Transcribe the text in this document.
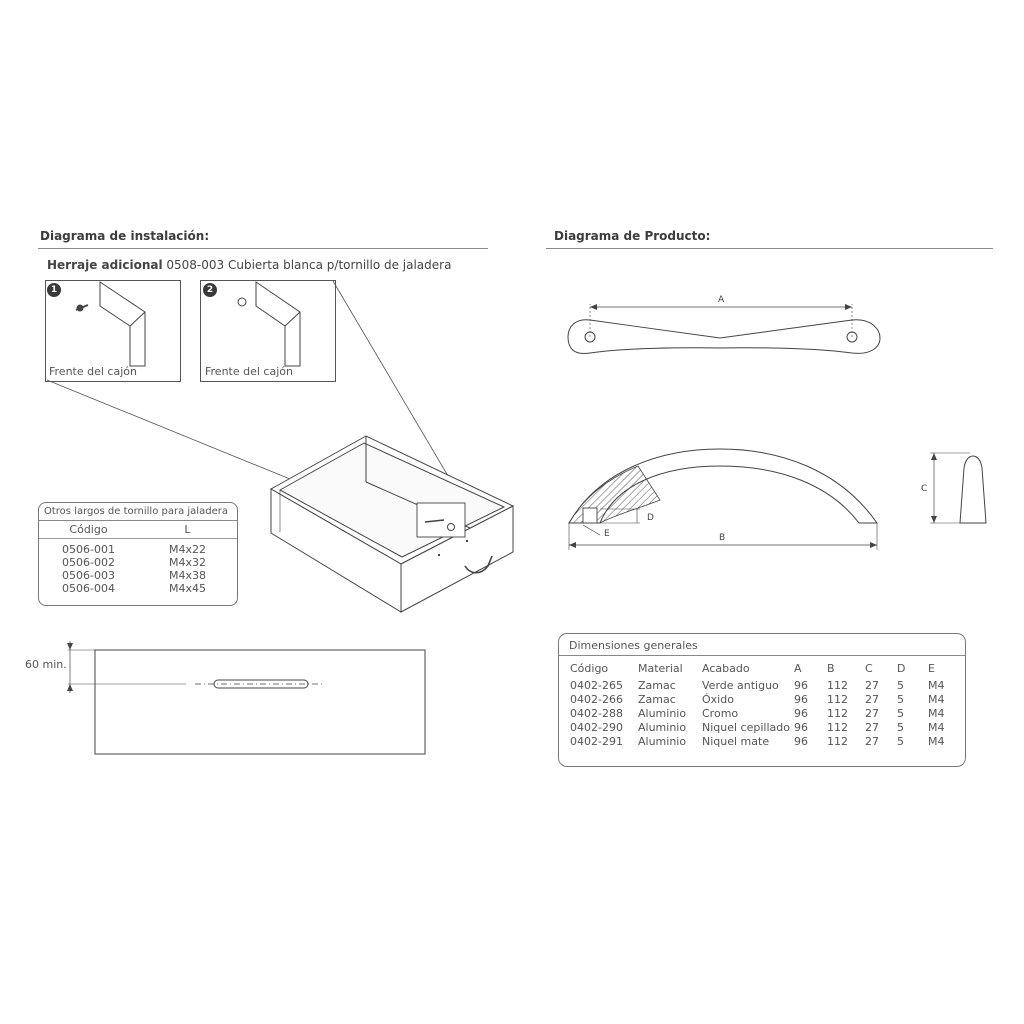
Diagrama de instalación:	Diagrama de Producto:
Herraje adicional 0508-003 Cubierta blanca p/tornillo de jaladera
A
B
C
D
E
1
Frente del cajón
2
Frente del cajón
60 min.
Otros largos de tornillo para jaladera
Código	L

0506-001	M4x22
0506-002	M4x32
0506-003	M4x38
0506-004	M4x45
Dimensiones generales
Código	Material	Acabado	A	B	C	D	E
0402-265	Zamac	Verde antiguo	96	112	27	5	M4
0402-266	Zamac	Óxido	96	112	27	5	M4
0402-288	Aluminio	Cromo	96	112	27	5	M4
0402-290	Aluminio	Niquel cepillado	96	112	27	5	M4
0402-291	Aluminio	Niquel mate	96	112	27	5	M4
